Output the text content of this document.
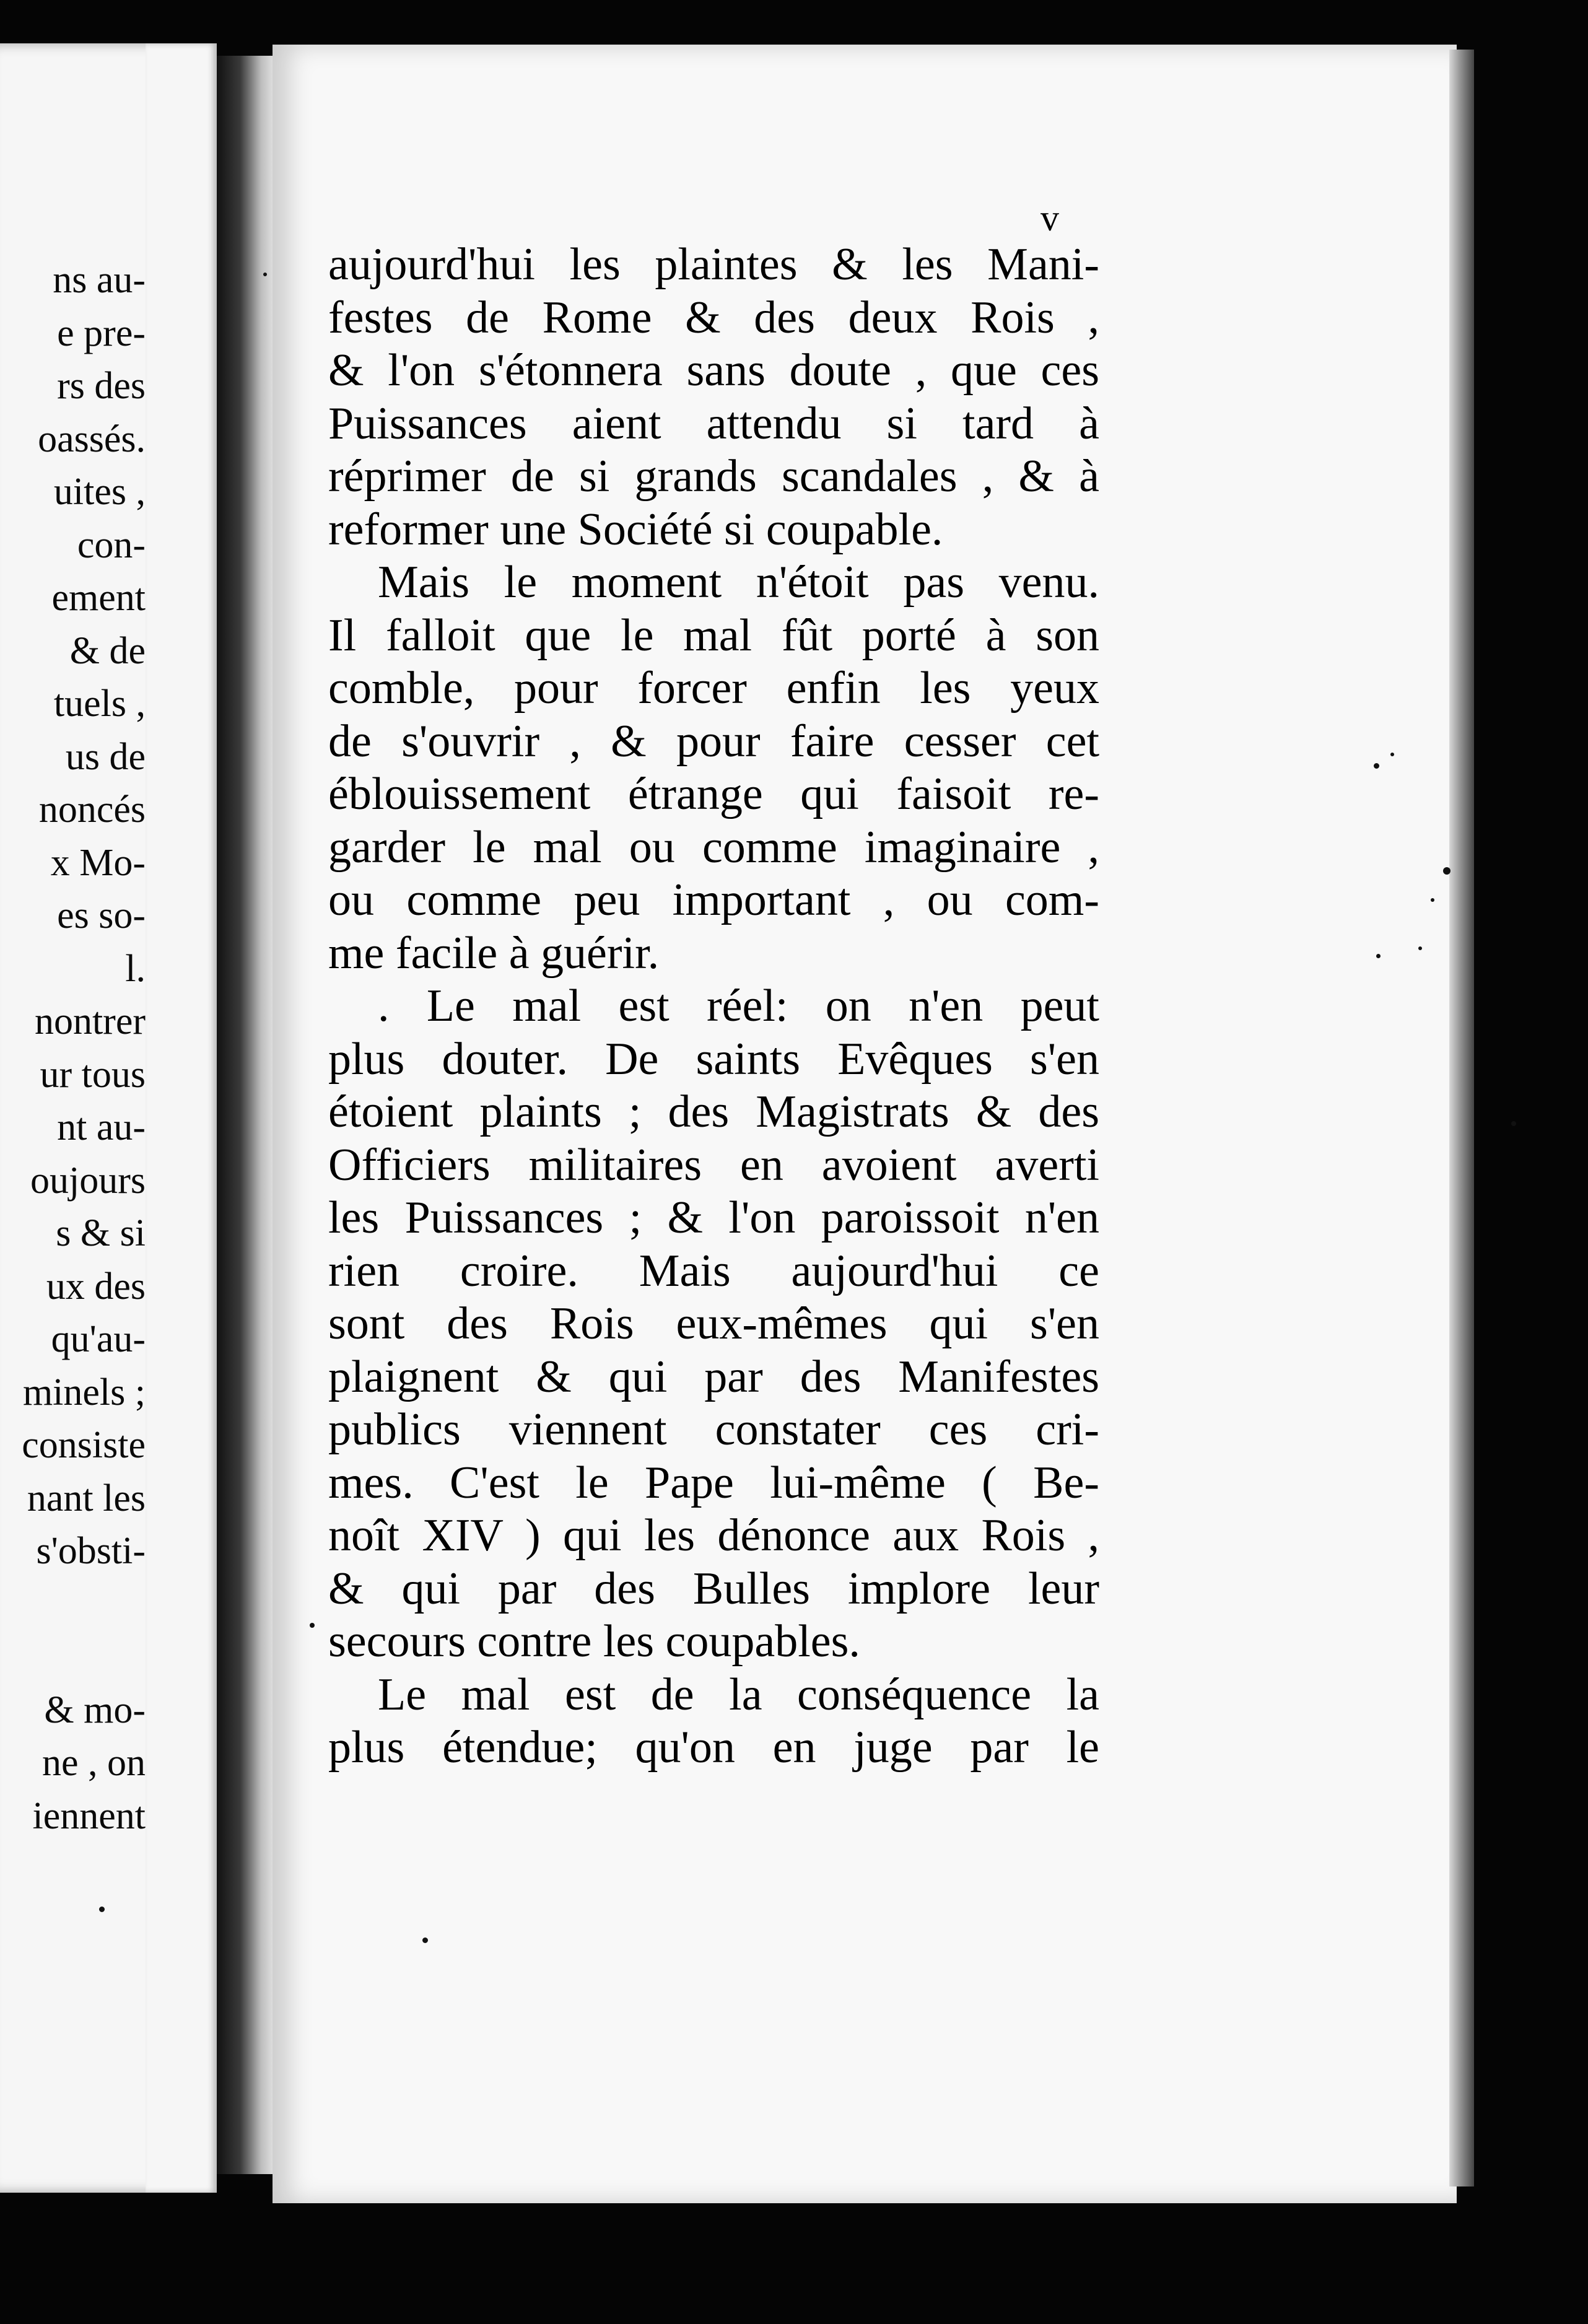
ns au-
e pre-
rs des
oassés.
uites ,
con-
ement
& de
tuels ,
us de
noncés
x Mo-
es so-
l.
nontrer
ur tous
nt au-
oujours
s & si
ux des
qu'au-
minels ;
consiste
nant les
s'obsti-
& mo-
ne , on
iennent
v
aujourd'hui les plaintes & les Mani-
festes de Rome & des deux Rois ,
& l'on s'étonnera sans doute , que ces
Puissances aient attendu si tard à
réprimer de si grands scandales , & à
reformer une Société si coupable.
Mais le moment n'étoit pas venu.
Il falloit que le mal fût porté à son
comble, pour forcer enfin les yeux
de s'ouvrir , & pour faire cesser cet
éblouissement étrange qui faisoit re-
garder le mal ou comme imaginaire ,
ou comme peu important , ou com-
me facile à guérir.
. Le mal est réel: on n'en peut
plus douter. De saints Evêques s'en
étoient plaints ; des Magistrats & des
Officiers militaires en avoient averti
les Puissances ; & l'on paroissoit n'en
rien croire. Mais aujourd'hui ce
sont des Rois eux-mêmes qui s'en
plaignent & qui par des Manifestes
publics viennent constater ces cri-
mes. C'est le Pape lui-même ( Be-
noît XIV ) qui les dénonce aux Rois ,
& qui par des Bulles implore leur
secours contre les coupables.
Le mal est de la conséquence la
plus étendue; qu'on en juge par le
